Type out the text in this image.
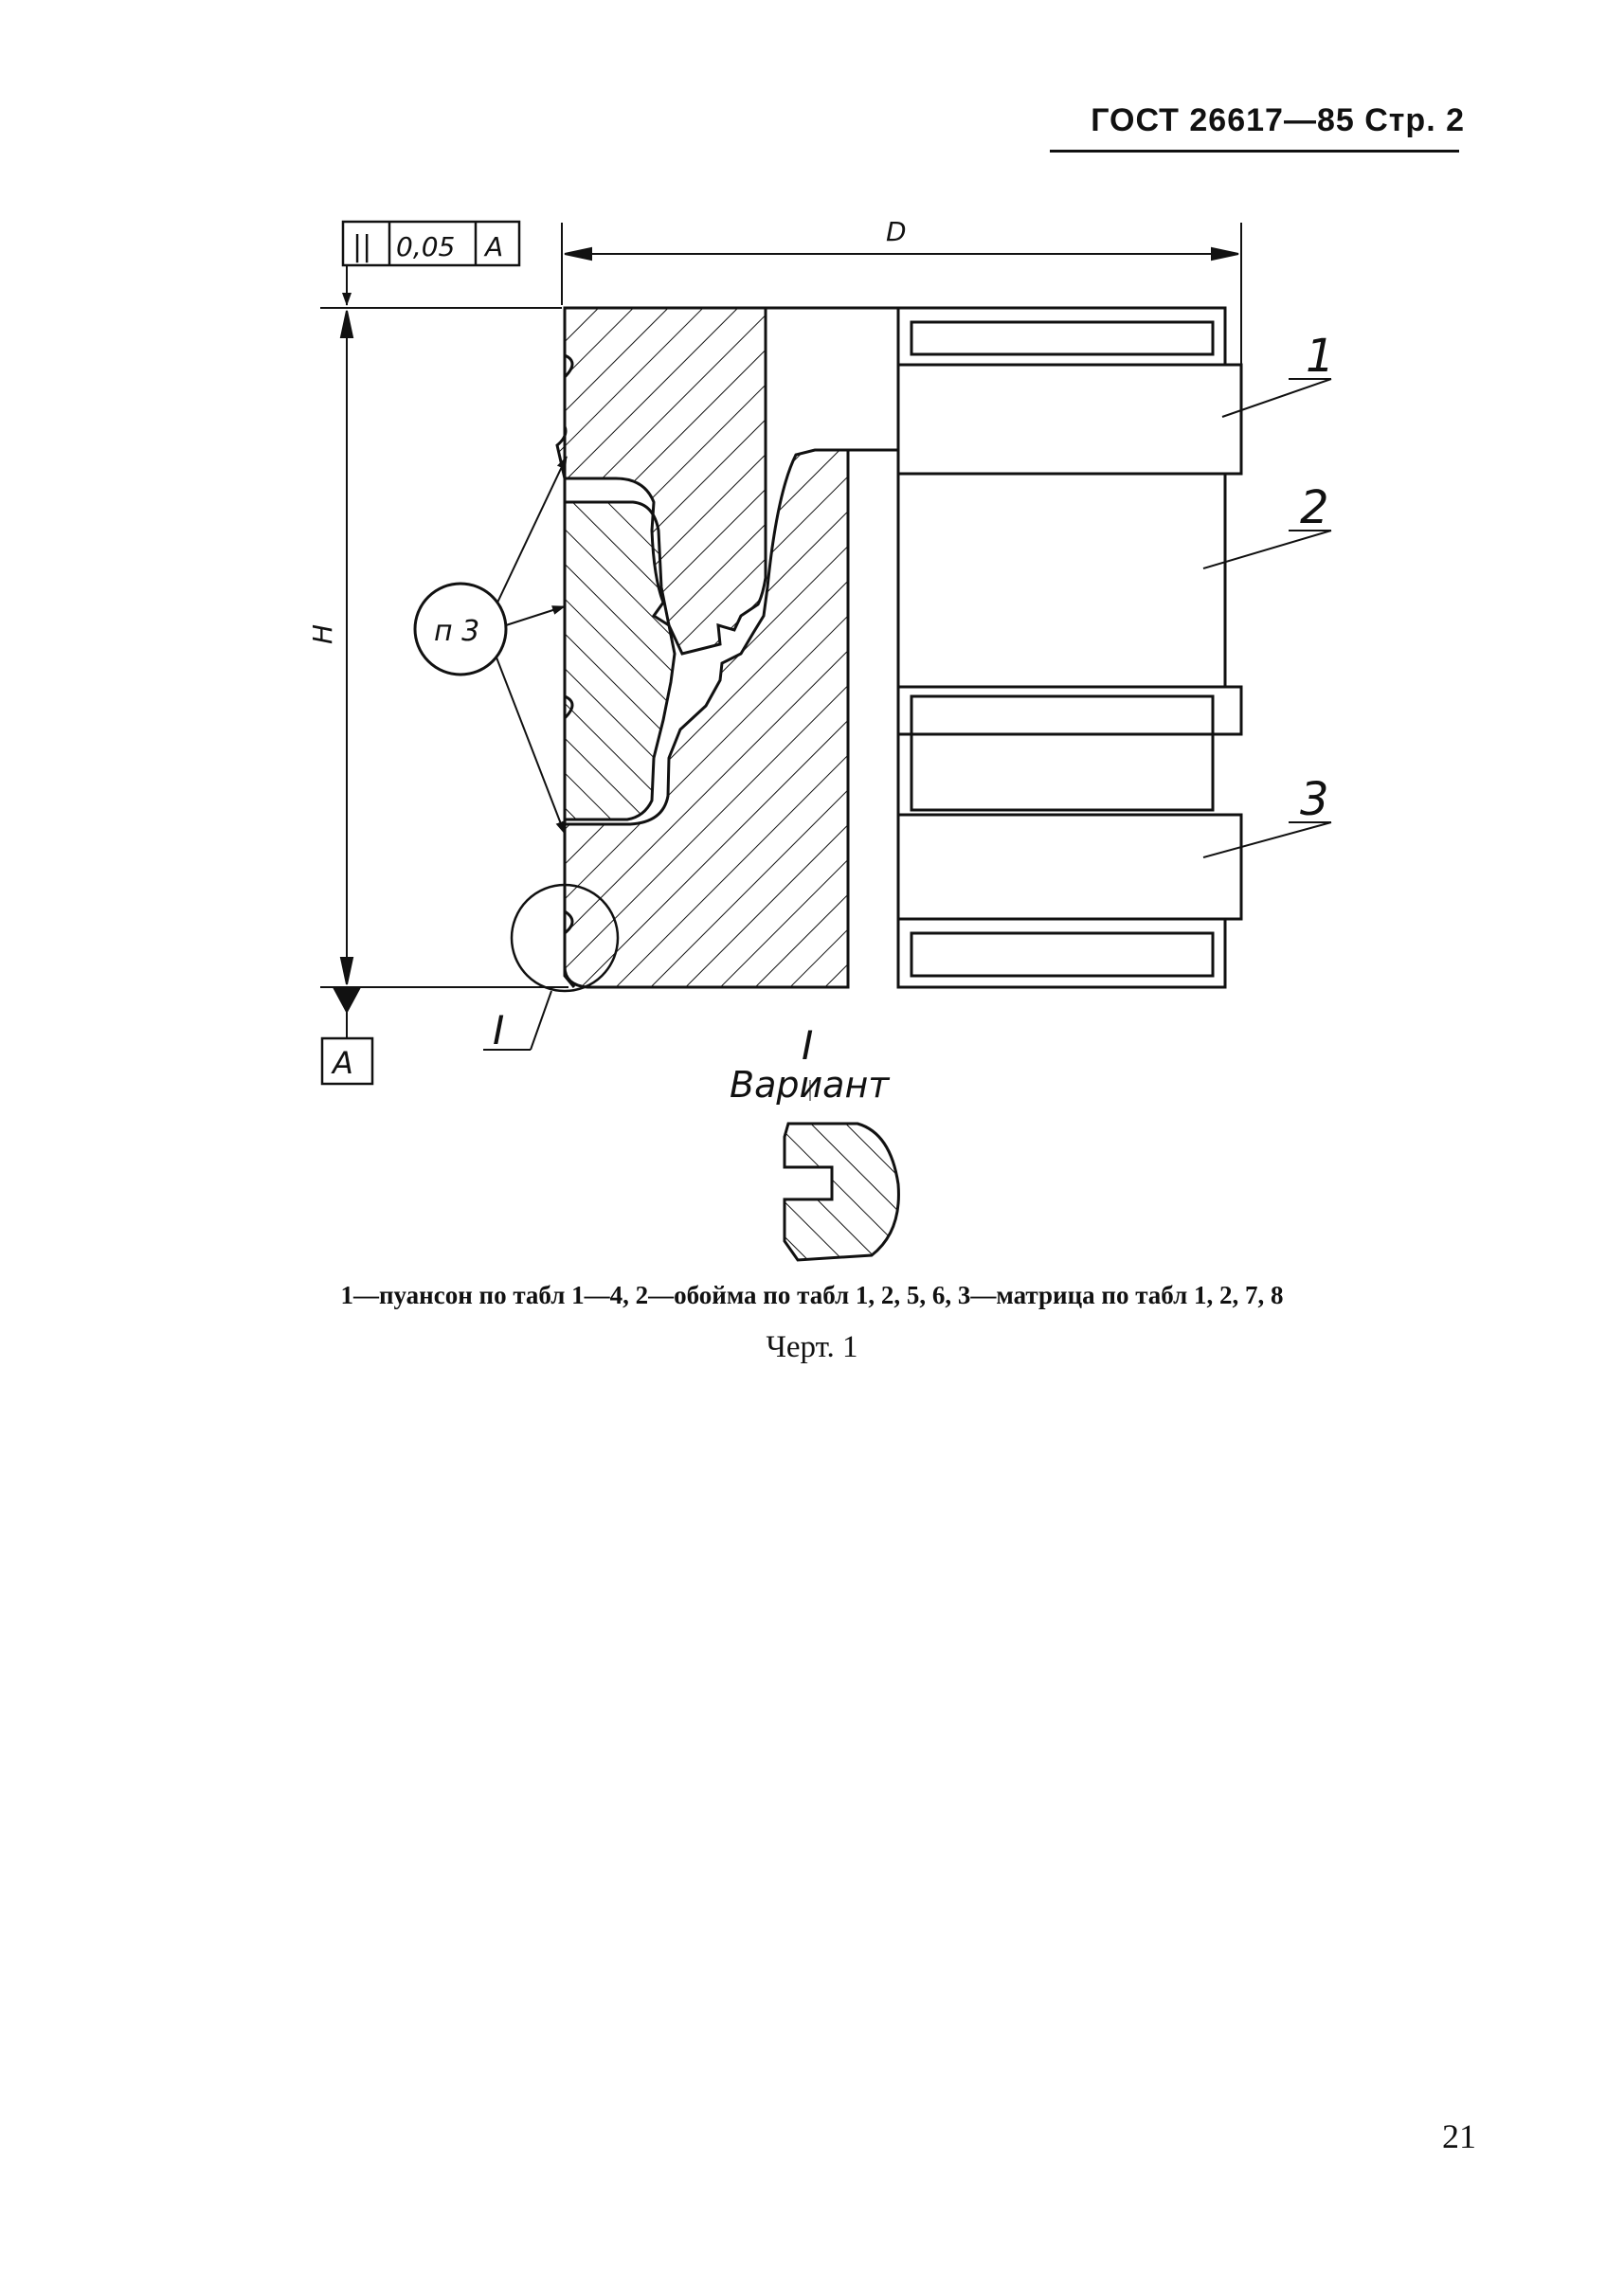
ГОСТ 26617—85 Стр. 2
|| 0,05 А	D
H
А
п 3
1
2
3
I	I
Вариант
1—пуансон по табл 1—4, 2—обойма по табл 1, 2, 5, 6, 3—матрица по табл 1, 2, 7, 8
Черт. 1
21
